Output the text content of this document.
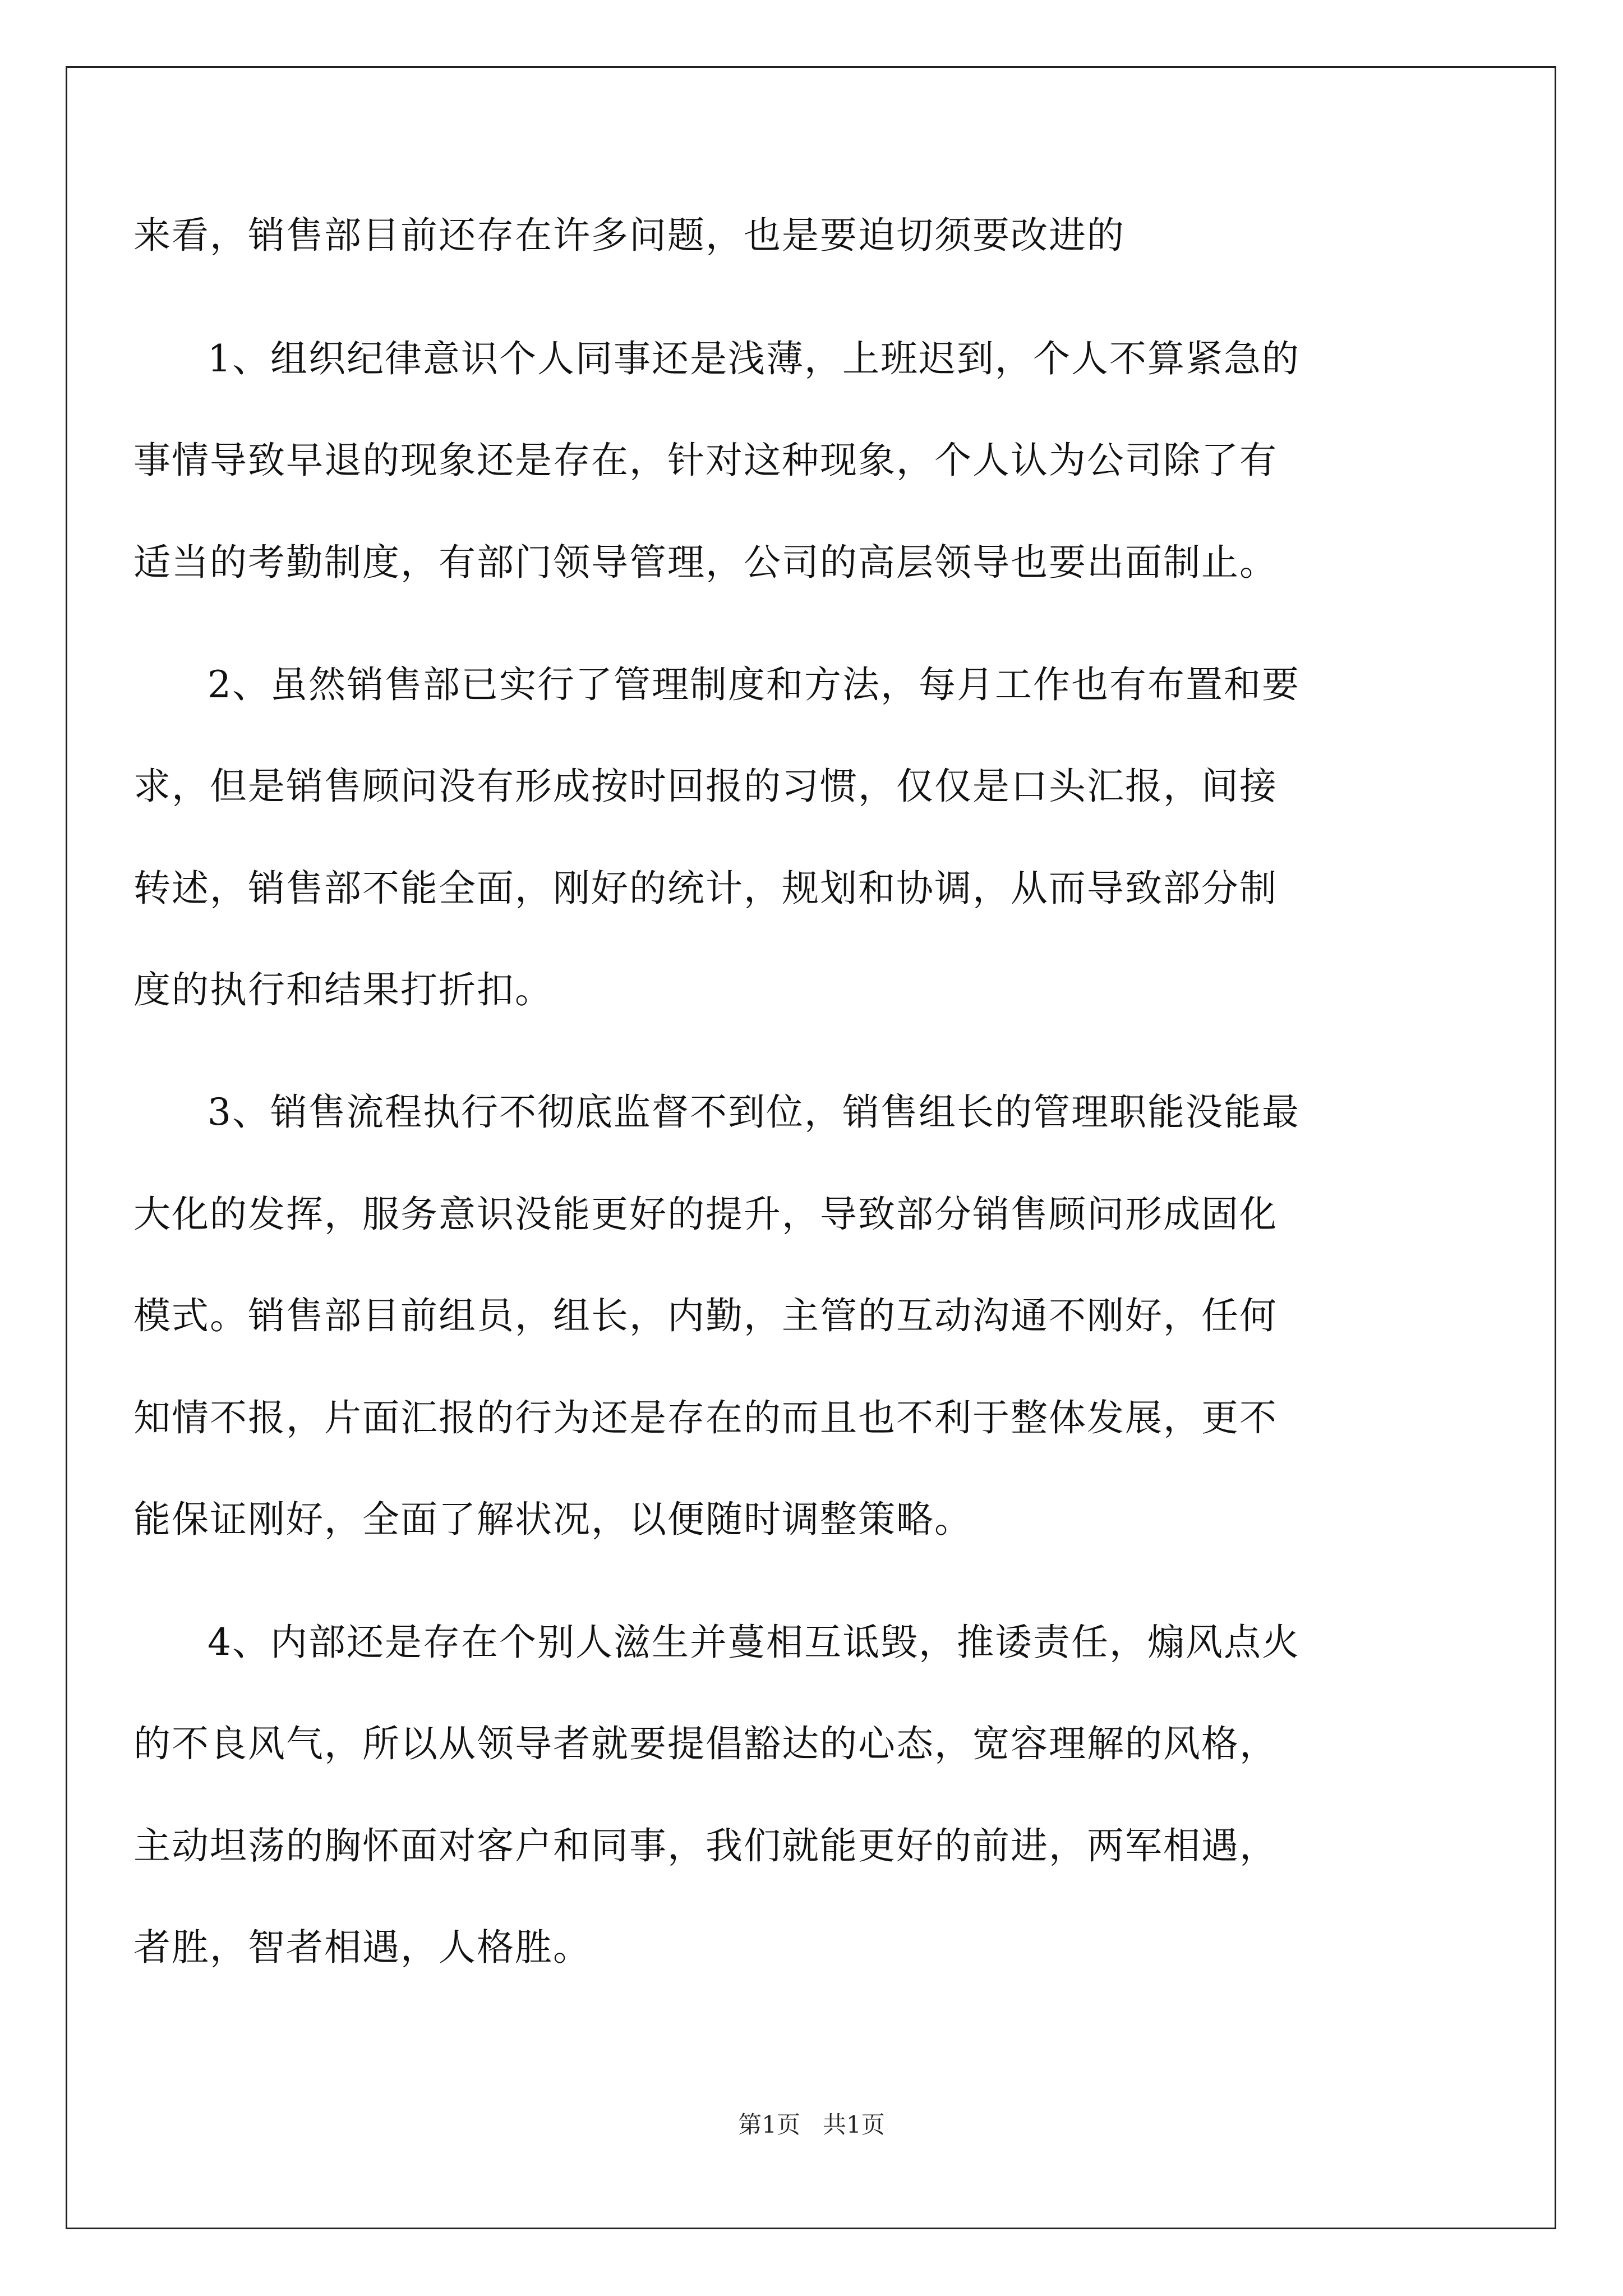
来看，销售部目前还存在许多问题，也是要迫切须要改进的
1、组织纪律意识个人同事还是浅薄，上班迟到，个人不算紧急的
事情导致早退的现象还是存在，针对这种现象，个人认为公司除了有
适当的考勤制度，有部门领导管理，公司的高层领导也要出面制止。
2、虽然销售部已实行了管理制度和方法，每月工作也有布置和要
求，但是销售顾问没有形成按时回报的习惯，仅仅是口头汇报，间接
转述，销售部不能全面，刚好的统计，规划和协调，从而导致部分制
度的执行和结果打折扣。
3、销售流程执行不彻底监督不到位，销售组长的管理职能没能最
大化的发挥，服务意识没能更好的提升，导致部分销售顾问形成固化
模式。销售部目前组员，组长，内勤，主管的互动沟通不刚好，任何
知情不报，片面汇报的行为还是存在的而且也不利于整体发展，更不
能保证刚好，全面了解状况，以便随时调整策略。
4、内部还是存在个别人滋生并蔓相互诋毁，推诿责任，煽风点火
的不良风气，所以从领导者就要提倡豁达的心态，宽容理解的风格，
主动坦荡的胸怀面对客户和同事，我们就能更好的前进，两军相遇，
者胜，智者相遇，人格胜。
第1页   共1页
